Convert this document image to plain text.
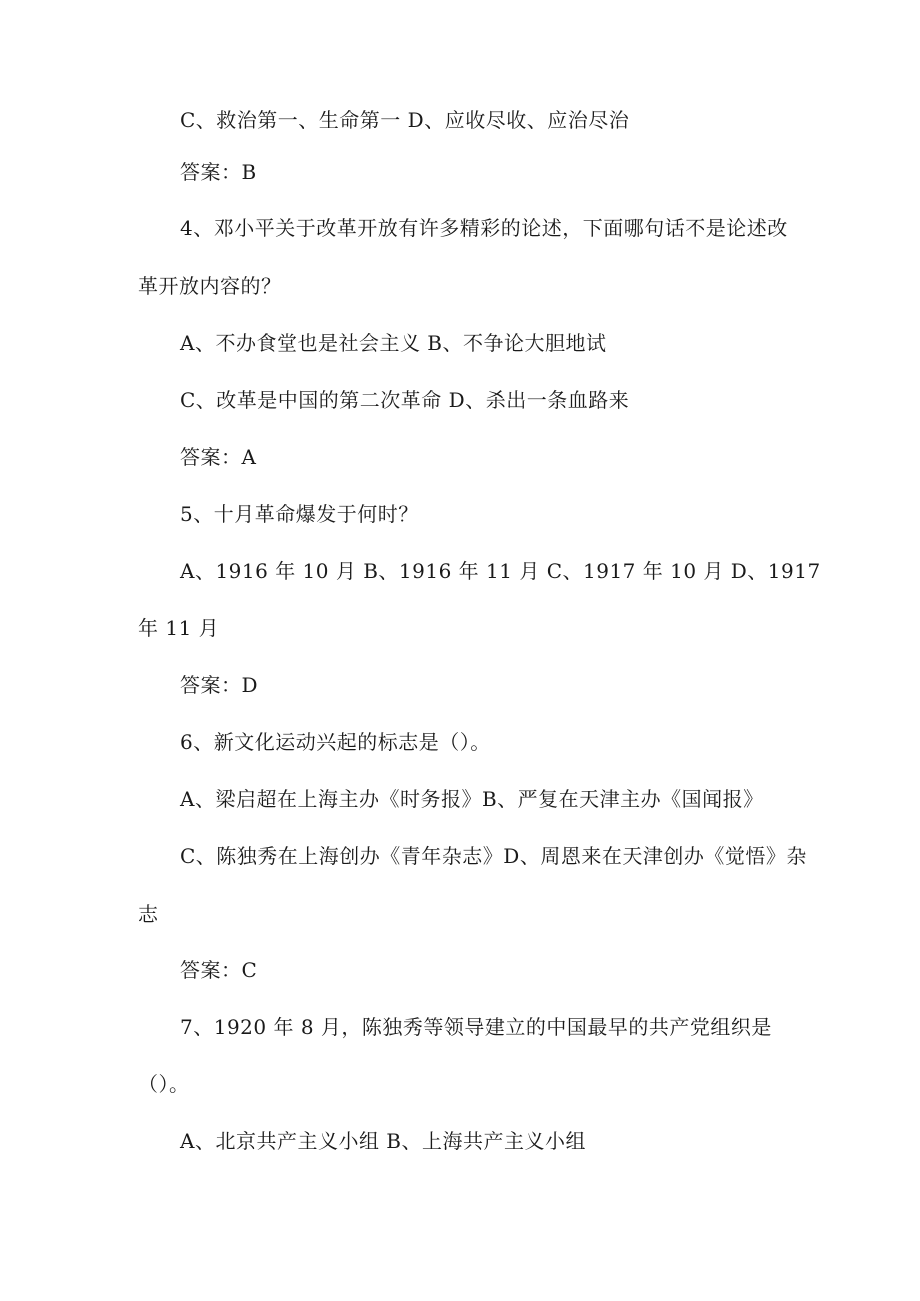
C、救治第一、生命第一 D、应收尽收、应治尽治
答案：B
4、邓小平关于改革开放有许多精彩的论述，下面哪句话不是论述改
革开放内容的？
A、不办食堂也是社会主义 B、不争论大胆地试
C、改革是中国的第二次革命 D、杀出一条血路来
答案：A
5、十月革命爆发于何时？
A、1916 年 10 月 B、1916 年 11 月 C、1917 年 10 月 D、1917
年 11 月
答案：D
6、新文化运动兴起的标志是（）。
A、梁启超在上海主办《时务报》B、严复在天津主办《国闻报》
C、陈独秀在上海创办《青年杂志》D、周恩来在天津创办《觉悟》杂
志
答案：C
7、1920 年 8 月，陈独秀等领导建立的中国最早的共产党组织是
（）。
A、北京共产主义小组 B、上海共产主义小组
